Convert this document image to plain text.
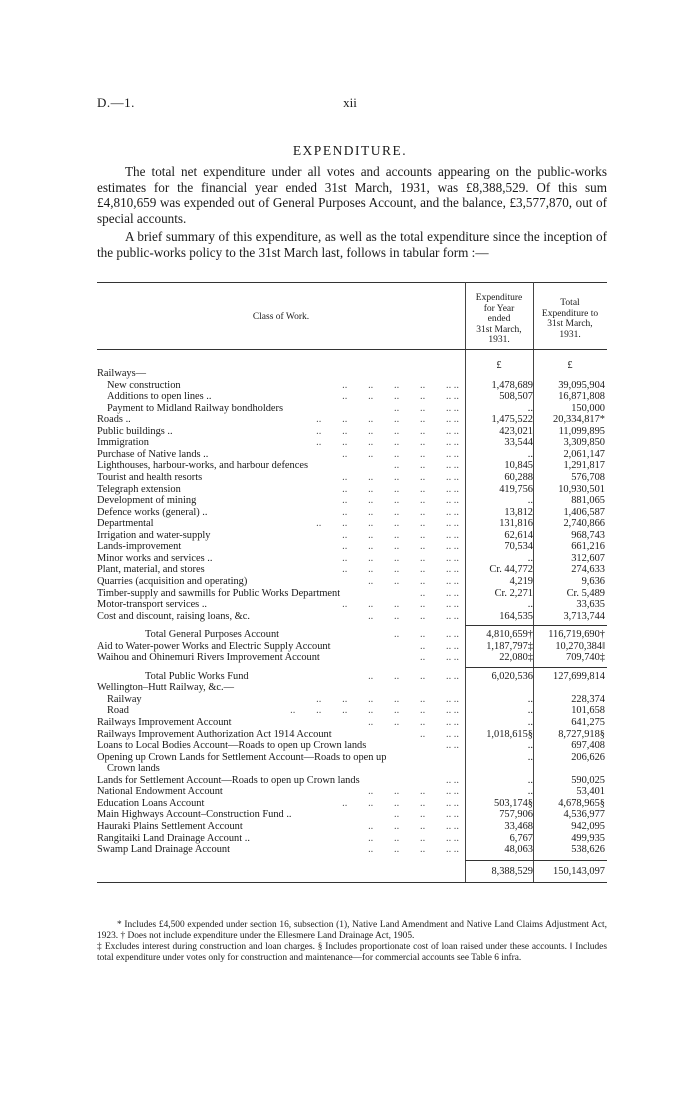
D.—1.	xii
EXPENDITURE.

The total net expenditure under all votes and accounts appearing on the public-works estimates for the financial year ended 31st March, 1931, was £8,388,529. Of this sum £4,810,659 was expended out of General Purposes Account, and the balance, £3,577,870, out of special accounts.

A brief summary of this expenditure, as well as the total expenditure since the inception of the public-works policy to the 31st March last, follows in tabular form :—

Class of Work.
Expenditure
for Year
ended
31st March,
1931.
Total
Expenditure to
31st March,
1931.
£	£
Railways—
New construction	..        ..        ..        ..        .. ..	1,478,689	39,095,904
Additions to open lines ..	..        ..        ..        ..        .. ..	508,507	16,871,808
Payment to Midland Railway bondholders	..        ..        .. ..	..	150,000
Roads ..	..        ..        ..        ..        ..        .. ..	1,475,522	20,334,817*
Public buildings ..	..        ..        ..        ..        ..        .. ..	423,021	11,099,895
Immigration	..        ..        ..        ..        ..        .. ..	33,544	3,309,850
Purchase of Native lands ..	..        ..        ..        ..        .. ..	..	2,061,147
Lighthouses, harbour-works, and harbour defences	..        ..        .. ..	10,845	1,291,817
Tourist and health resorts	..        ..        ..        ..        .. ..	60,288	576,708
Telegraph extension	..        ..        ..        ..        .. ..	419,756	10,930,501
Development of mining	..        ..        ..        ..        .. ..	..	881,065
Defence works (general) ..	..        ..        ..        ..        .. ..	13,812	1,406,587
Departmental	..        ..        ..        ..        ..        .. ..	131,816	2,740,866
Irrigation and water-supply	..        ..        ..        ..        .. ..	62,614	968,743
Lands-improvement	..        ..        ..        ..        .. ..	70,534	661,216
Minor works and services ..	..        ..        ..        ..        .. ..	..	312,607
Plant, material, and stores	..        ..        ..        ..        .. ..	Cr. 44,772	274,633
Quarries (acquisition and operating)	..        ..        ..        .. ..	4,219	9,636
Timber-supply and sawmills for Public Works Department	..        .. ..	Cr. 2,271	Cr. 5,489
Motor-transport services ..	..        ..        ..        ..        .. ..	..	33,635
Cost and discount, raising loans, &c.	..        ..        ..        .. ..	164,535	3,713,744
Total General Purposes Account	..        ..        .. ..	4,810,659†	116,719,690†
Aid to Water-power Works and Electric Supply Account	..        .. ..	1,187,797‡	10,270,384‖
Waihou and Ohinemuri Rivers Improvement Account	..        .. ..	22,080‡	709,740‡
Total Public Works Fund	..        ..        ..        .. ..	6,020,536	127,699,814
Wellington–Hutt Railway, &c.—
Railway	..        ..        ..        ..        ..        .. ..	..	228,374
Road	..        ..        ..        ..        ..        ..        .. ..	..	101,658
Railways Improvement Account	..        ..        ..        .. ..	..	641,275
Railways Improvement Authorization Act 1914 Account	..        .. ..	1,018,615§	8,727,918§
Loans to Local Bodies Account—Roads to open up Crown lands	.. ..	..	697,408
Opening up Crown Lands for Settlement Account—Roads to open up	..	206,626
Crown lands
Lands for Settlement Account—Roads to open up Crown lands	.. ..	..	590,025
National Endowment Account	..        ..        ..        .. ..	..	53,401
Education Loans Account	..        ..        ..        ..        .. ..	503,174§	4,678,965§
Main Highways Account–Construction Fund ..	..        ..        .. ..	757,906	4,536,977
Hauraki Plains Settlement Account	..        ..        ..        .. ..	33,468	942,095
Rangitaiki Land Drainage Account ..	..        ..        ..        .. ..	6,767	499,935
Swamp Land Drainage Account	..        ..        ..        .. ..	48,063	538,626
8,388,529	150,143,097

* Includes £4,500 expended under section 16, subsection (1), Native Land Amendment and Native Land Claims Adjustment Act, 1923. † Does not include expenditure under the Ellesmere Land Drainage Act, 1905.

‡ Excludes interest during construction and loan charges. § Includes proportionate cost of loan raised under these accounts. ‖ Includes total expenditure under votes only for construction and maintenance—for commercial accounts see Table 6 infra.
